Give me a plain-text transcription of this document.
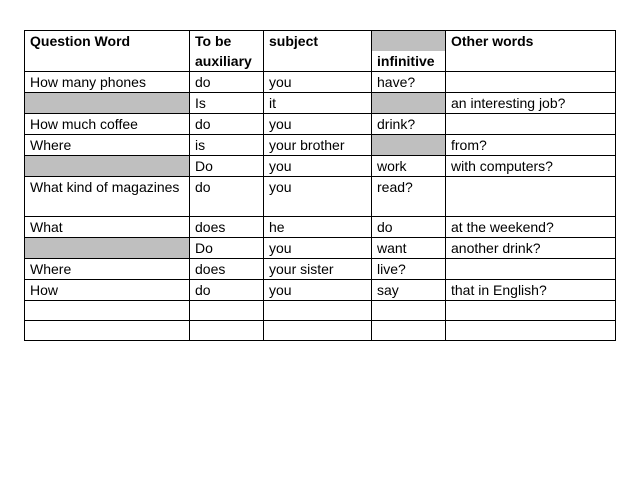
Question Word	To be	subject		Other words
	auxiliary		infinitive	
How many phones	do	you	have?	
	Is	it		an interesting job?
How much coffee	do	you	drink?	
Where	is	your brother		from?
	Do	you	work	with computers?
What kind of magazines	do	you	read?	
What	does	he	do	at the weekend?
	Do	you	want	another drink?
Where	does	your sister	live?	
How	do	you	say	that in English?
